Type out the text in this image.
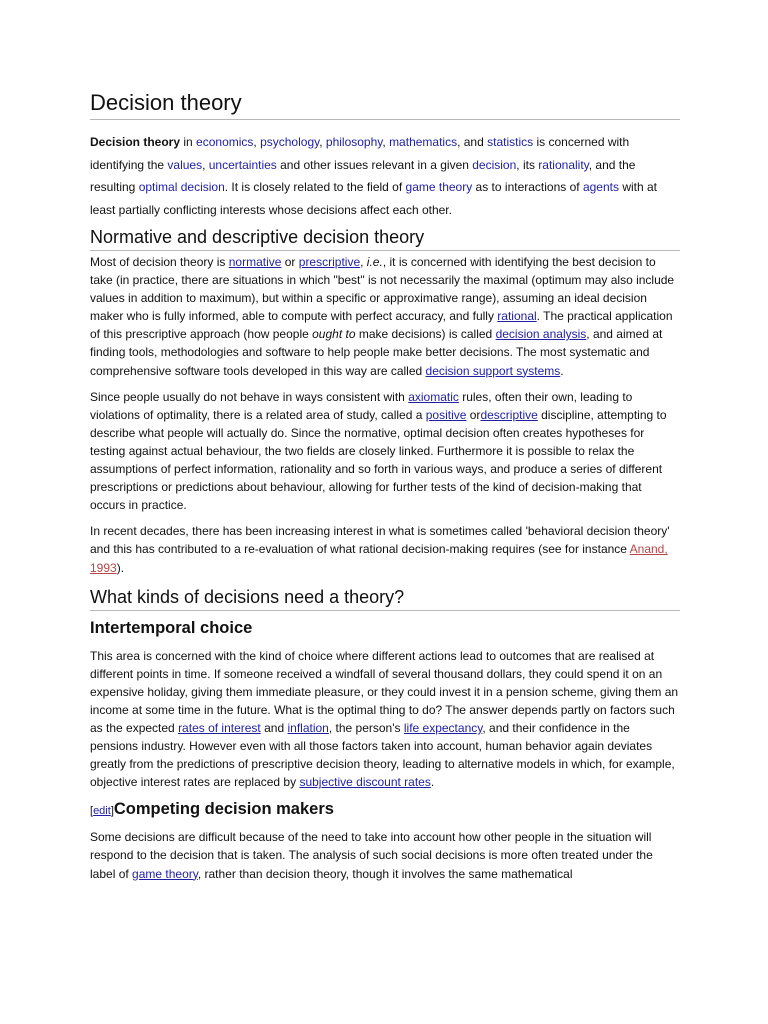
Decision theory

Decision theory in economics, psychology, philosophy, mathematics, and statistics is concerned with identifying the values, uncertainties and other issues relevant in a given decision, its rationality, and the resulting optimal decision. It is closely related to the field of game theory as to interactions of agents with at least partially conflicting interests whose decisions affect each other.

Normative and descriptive decision theory

Most of decision theory is normative or prescriptive, i.e., it is concerned with identifying the best decision to take (in practice, there are situations in which "best" is not necessarily the maximal (optimum may also include values in addition to maximum), but within a specific or approximative range), assuming an ideal decision maker who is fully informed, able to compute with perfect accuracy, and fully rational. The practical application of this prescriptive approach (how people ought to make decisions) is called decision analysis, and aimed at finding tools, methodologies and software to help people make better decisions. The most systematic and comprehensive software tools developed in this way are called decision support systems.

Since people usually do not behave in ways consistent with axiomatic rules, often their own, leading to violations of optimality, there is a related area of study, called a positive ordescriptive discipline, attempting to describe what people will actually do. Since the normative, optimal decision often creates hypotheses for testing against actual behaviour, the two fields are closely linked. Furthermore it is possible to relax the assumptions of perfect information, rationality and so forth in various ways, and produce a series of different prescriptions or predictions about behaviour, allowing for further tests of the kind of decision-making that occurs in practice.

In recent decades, there has been increasing interest in what is sometimes called 'behavioral decision theory' and this has contributed to a re-evaluation of what rational decision-making requires (see for instance Anand, 1993).

What kinds of decisions need a theory?
Intertemporal choice

This area is concerned with the kind of choice where different actions lead to outcomes that are realised at different points in time. If someone received a windfall of several thousand dollars, they could spend it on an expensive holiday, giving them immediate pleasure, or they could invest it in a pension scheme, giving them an income at some time in the future. What is the optimal thing to do? The answer depends partly on factors such as the expected rates of interest and inflation, the person's life expectancy, and their confidence in the pensions industry. However even with all those factors taken into account, human behavior again deviates greatly from the predictions of prescriptive decision theory, leading to alternative models in which, for example, objective interest rates are replaced by subjective discount rates.

[edit] Competing decision makers

Some decisions are difficult because of the need to take into account how other people in the situation will respond to the decision that is taken. The analysis of such social decisions is more often treated under the label of game theory, rather than decision theory, though it involves the same mathematical
